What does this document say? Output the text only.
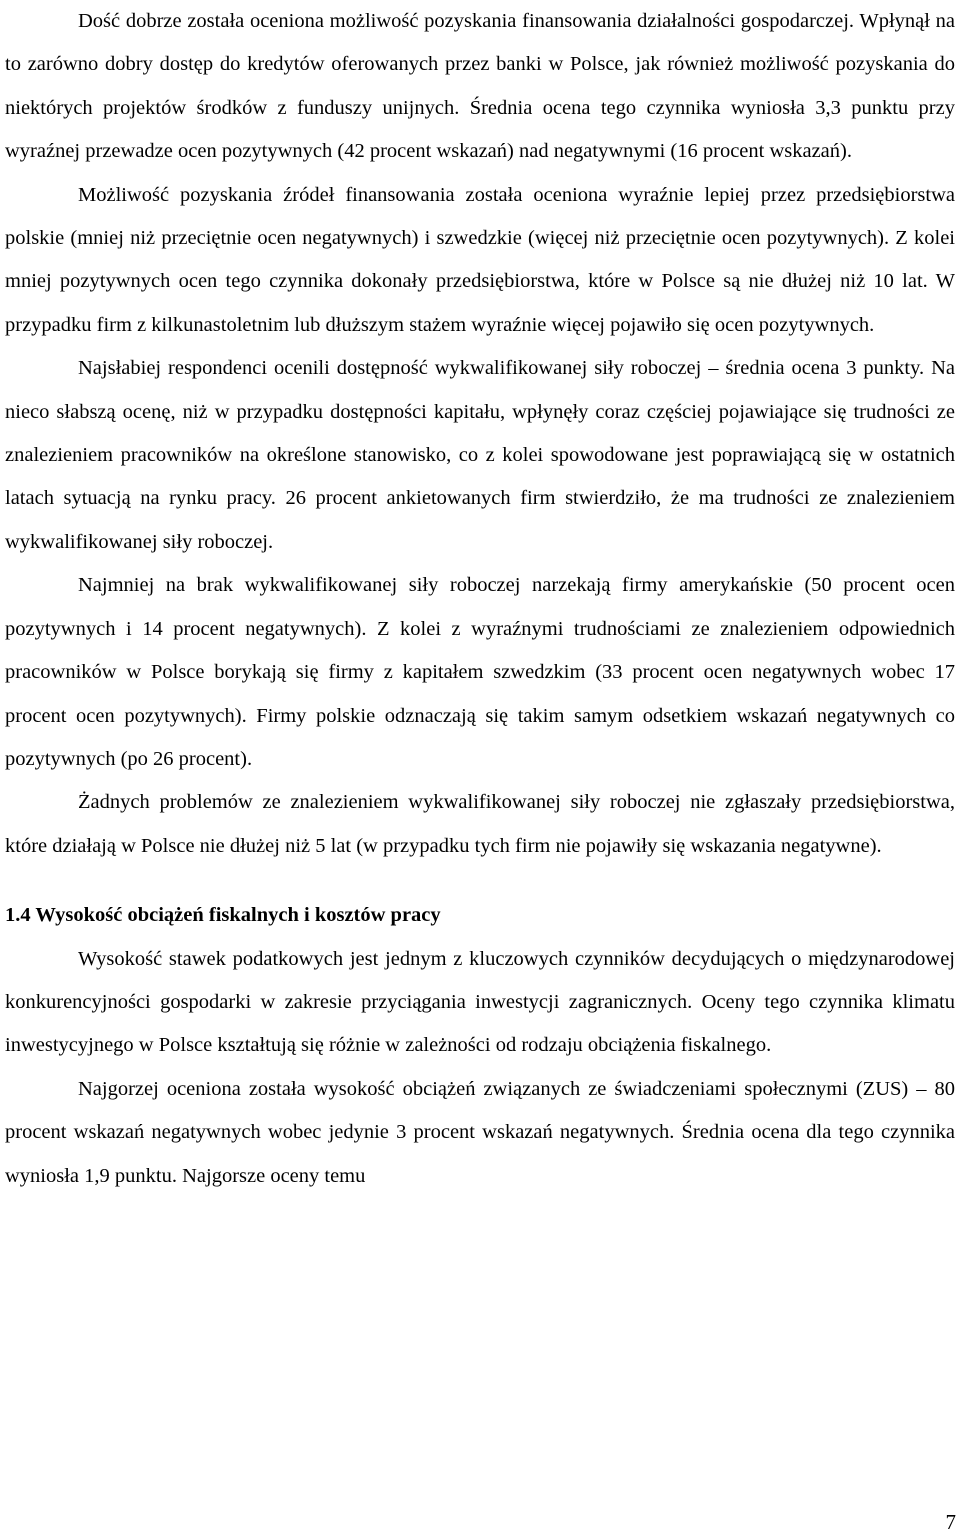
Dość dobrze została oceniona możliwość pozyskania finansowania działalności gospodarczej. Wpłynął na to zarówno dobry dostęp do kredytów oferowanych przez banki w Polsce, jak również możliwość pozyskania do niektórych projektów środków z funduszy unijnych. Średnia ocena tego czynnika wyniosła 3,3 punktu przy wyraźnej przewadze ocen pozytywnych (42 procent wskazań) nad negatywnymi (16 procent wskazań).

Możliwość pozyskania źródeł finansowania została oceniona wyraźnie lepiej przez przedsiębiorstwa polskie (mniej niż przeciętnie ocen negatywnych) i szwedzkie (więcej niż przeciętnie ocen pozytywnych). Z kolei mniej pozytywnych ocen tego czynnika dokonały przedsiębiorstwa, które w Polsce są nie dłużej niż 10 lat. W przypadku firm z kilkunastoletnim lub dłuższym stażem wyraźnie więcej pojawiło się ocen pozytywnych.

Najsłabiej respondenci ocenili dostępność wykwalifikowanej siły roboczej – średnia ocena 3 punkty. Na nieco słabszą ocenę, niż w przypadku dostępności kapitału, wpłynęły coraz częściej pojawiające się trudności ze znalezieniem pracowników na określone stanowisko, co z kolei spowodowane jest poprawiającą się w ostatnich latach sytuacją na rynku pracy. 26 procent ankietowanych firm stwierdziło, że ma trudności ze znalezieniem wykwalifikowanej siły roboczej.

Najmniej na brak wykwalifikowanej siły roboczej narzekają firmy amerykańskie (50 procent ocen pozytywnych i 14 procent negatywnych). Z kolei z wyraźnymi trudnościami ze znalezieniem odpowiednich pracowników w Polsce borykają się firmy z kapitałem szwedzkim (33 procent ocen negatywnych wobec 17 procent ocen pozytywnych). Firmy polskie odznaczają się takim samym odsetkiem wskazań negatywnych co pozytywnych (po 26 procent).

Żadnych problemów ze znalezieniem wykwalifikowanej siły roboczej nie zgłaszały przedsiębiorstwa, które działają w Polsce nie dłużej niż 5 lat (w przypadku tych firm nie pojawiły się wskazania negatywne).

1.4 Wysokość obciążeń fiskalnych i kosztów pracy

Wysokość stawek podatkowych jest jednym z kluczowych czynników decydujących o międzynarodowej konkurencyjności gospodarki w zakresie przyciągania inwestycji zagranicznych. Oceny tego czynnika klimatu inwestycyjnego w Polsce kształtują się różnie w zależności od rodzaju obciążenia fiskalnego.

Najgorzej oceniona została wysokość obciążeń związanych ze świadczeniami społecznymi (ZUS) – 80 procent wskazań negatywnych wobec jedynie 3 procent wskazań negatywnych. Średnia ocena dla tego czynnika wyniosła 1,9 punktu. Najgorsze oceny temu

7
